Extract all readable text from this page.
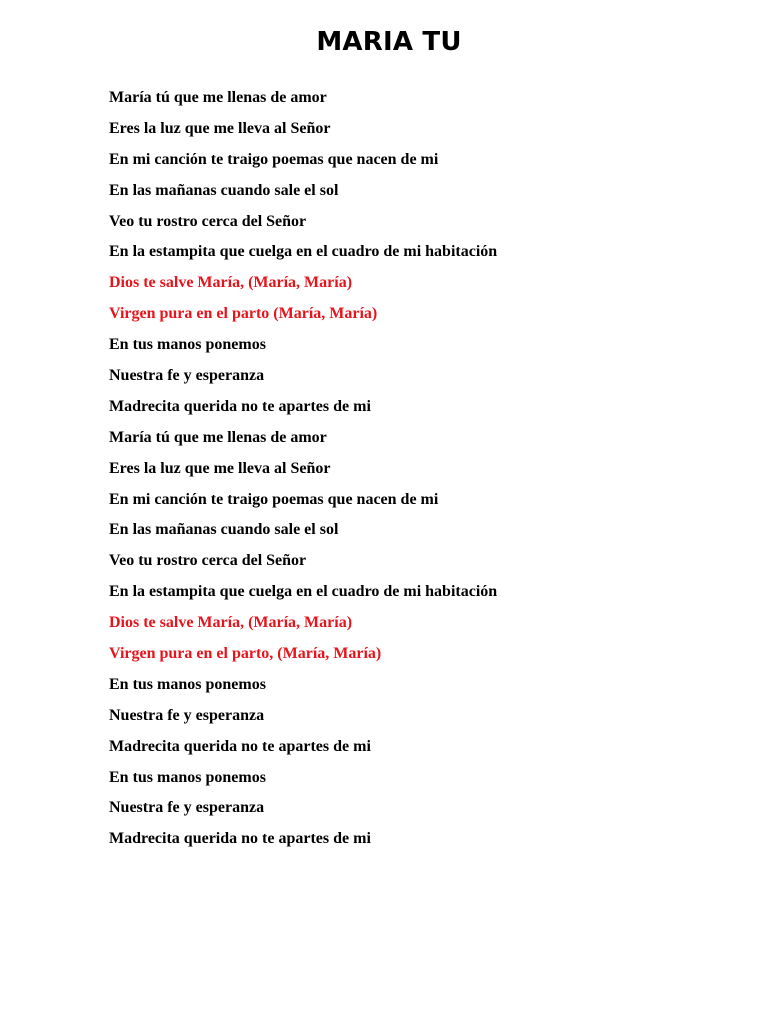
MARIA TU
María tú que me llenas de amor
Eres la luz que me lleva al Señor
En mi canción te traigo poemas que nacen de mi
En las mañanas cuando sale el sol
Veo tu rostro cerca del Señor
En la estampita que cuelga en el cuadro de mi habitación
Dios te salve María, (María, María)
Virgen pura en el parto (María, María)
En tus manos ponemos
Nuestra fe y esperanza
Madrecita querida no te apartes de mi
María tú que me llenas de amor
Eres la luz que me lleva al Señor
En mi canción te traigo poemas que nacen de mi
En las mañanas cuando sale el sol
Veo tu rostro cerca del Señor
En la estampita que cuelga en el cuadro de mi habitación
Dios te salve María, (María, María)
Virgen pura en el parto, (María, María)
En tus manos ponemos
Nuestra fe y esperanza
Madrecita querida no te apartes de mi
En tus manos ponemos
Nuestra fe y esperanza
Madrecita querida no te apartes de mi
